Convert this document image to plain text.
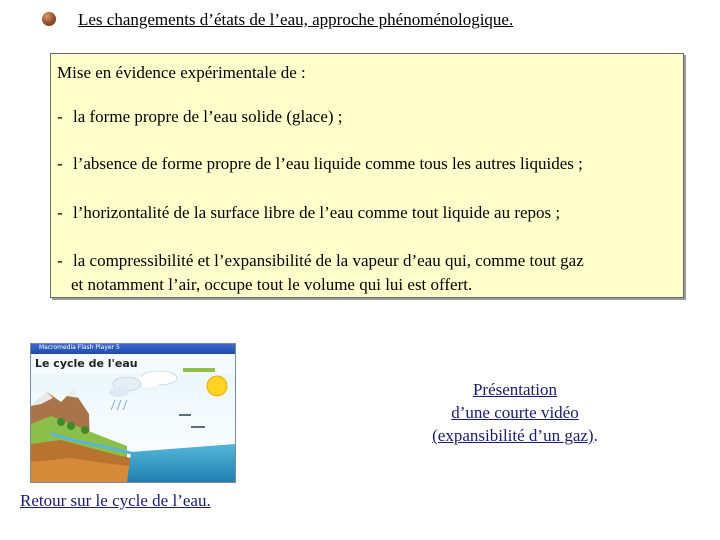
Les changements d’états de l’eau, approche phénoménologique.
Mise en évidence expérimentale de :
- la forme propre de l’eau solide (glace) ;
- l’absence de forme propre de l’eau liquide comme tous les autres liquides ;
- l’horizontalité de la surface libre de l’eau comme tout liquide au repos ;
- la compressibilité et l’expansibilité de la vapeur d’eau qui, comme tout gaz
et notamment l’air, occupe tout le volume qui lui est offert.
Macromedia Flash Player 5
Le cycle de l'eau
Présentation
d’une courte vidéo
(expansibilité d’un gaz).
Retour sur le cycle de l’eau.
